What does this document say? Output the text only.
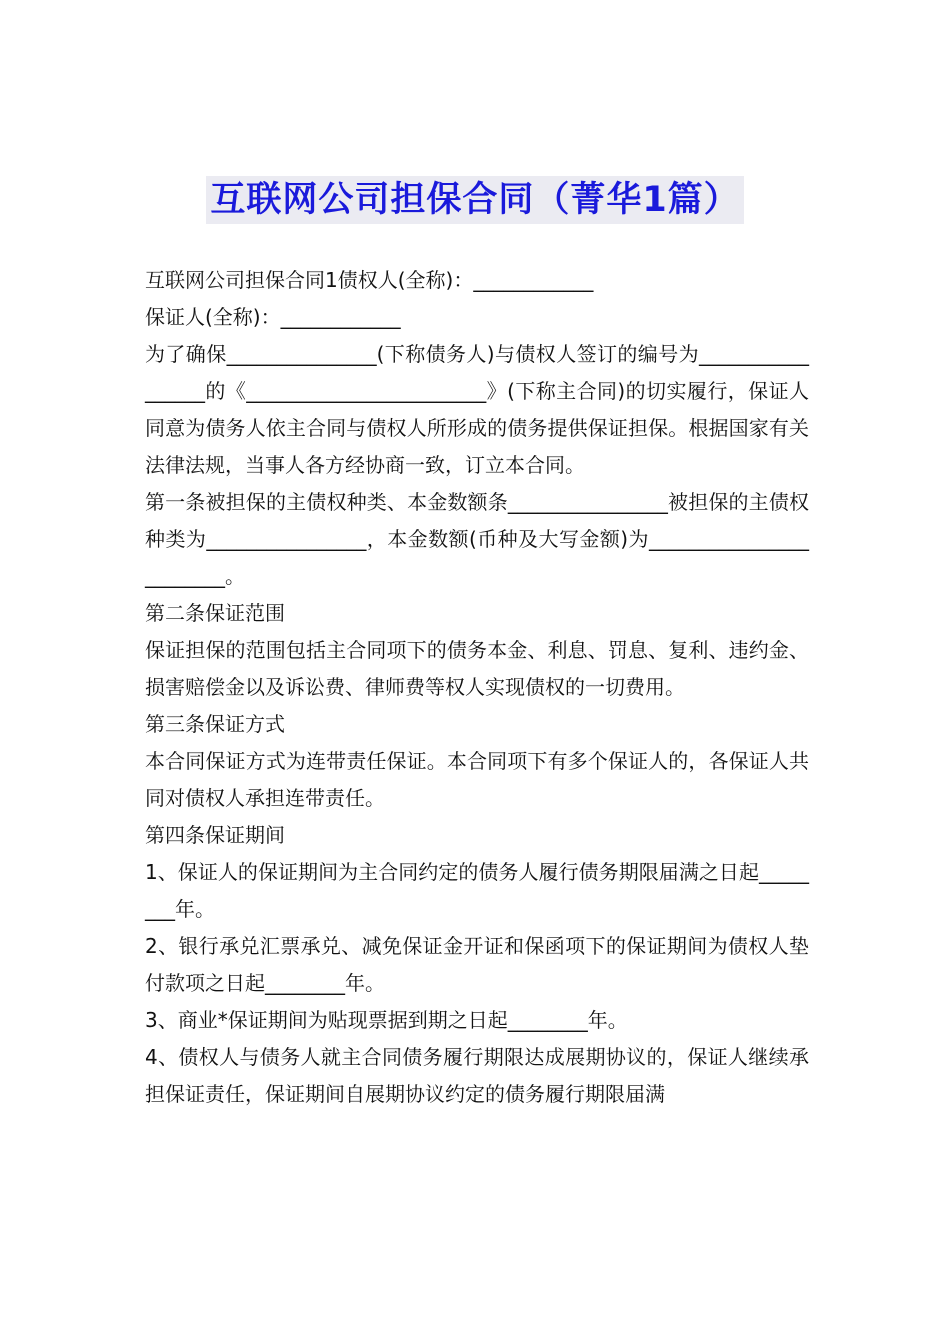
互联网公司担保合同（菁华1篇）

互联网公司担保合同1债权人(全称)：____________

保证人(全称)：____________

为了确保_______________(下称债务人)与债权人签订的编号为_________________的《________________________》(下称主合同)的切实履行，保证人同意为债务人依主合同与债权人所形成的债务提供保证担保。根据国家有关法律法规，当事人各方经协商一致，订立本合同。

第一条被担保的主债权种类、本金数额条________________被担保的主债权种类为________________，本金数额(币种及大写金额)为________________________。

第二条保证范围

保证担保的范围包括主合同项下的债务本金、利息、罚息、复利、违约金、损害赔偿金以及诉讼费、律师费等权人实现债权的一切费用。

第三条保证方式

本合同保证方式为连带责任保证。本合同项下有多个保证人的，各保证人共同对债权人承担连带责任。

第四条保证期间

1、保证人的保证期间为主合同约定的债务人履行债务期限届满之日起________年。

2、银行承兑汇票承兑、减免保证金开证和保函项下的保证期间为债权人垫付款项之日起________年。

3、商业*保证期间为贴现票据到期之日起________年。

4、债权人与债务人就主合同债务履行期限达成展期协议的，保证人继续承担保证责任，保证期间自展期协议约定的债务履行期限届满
